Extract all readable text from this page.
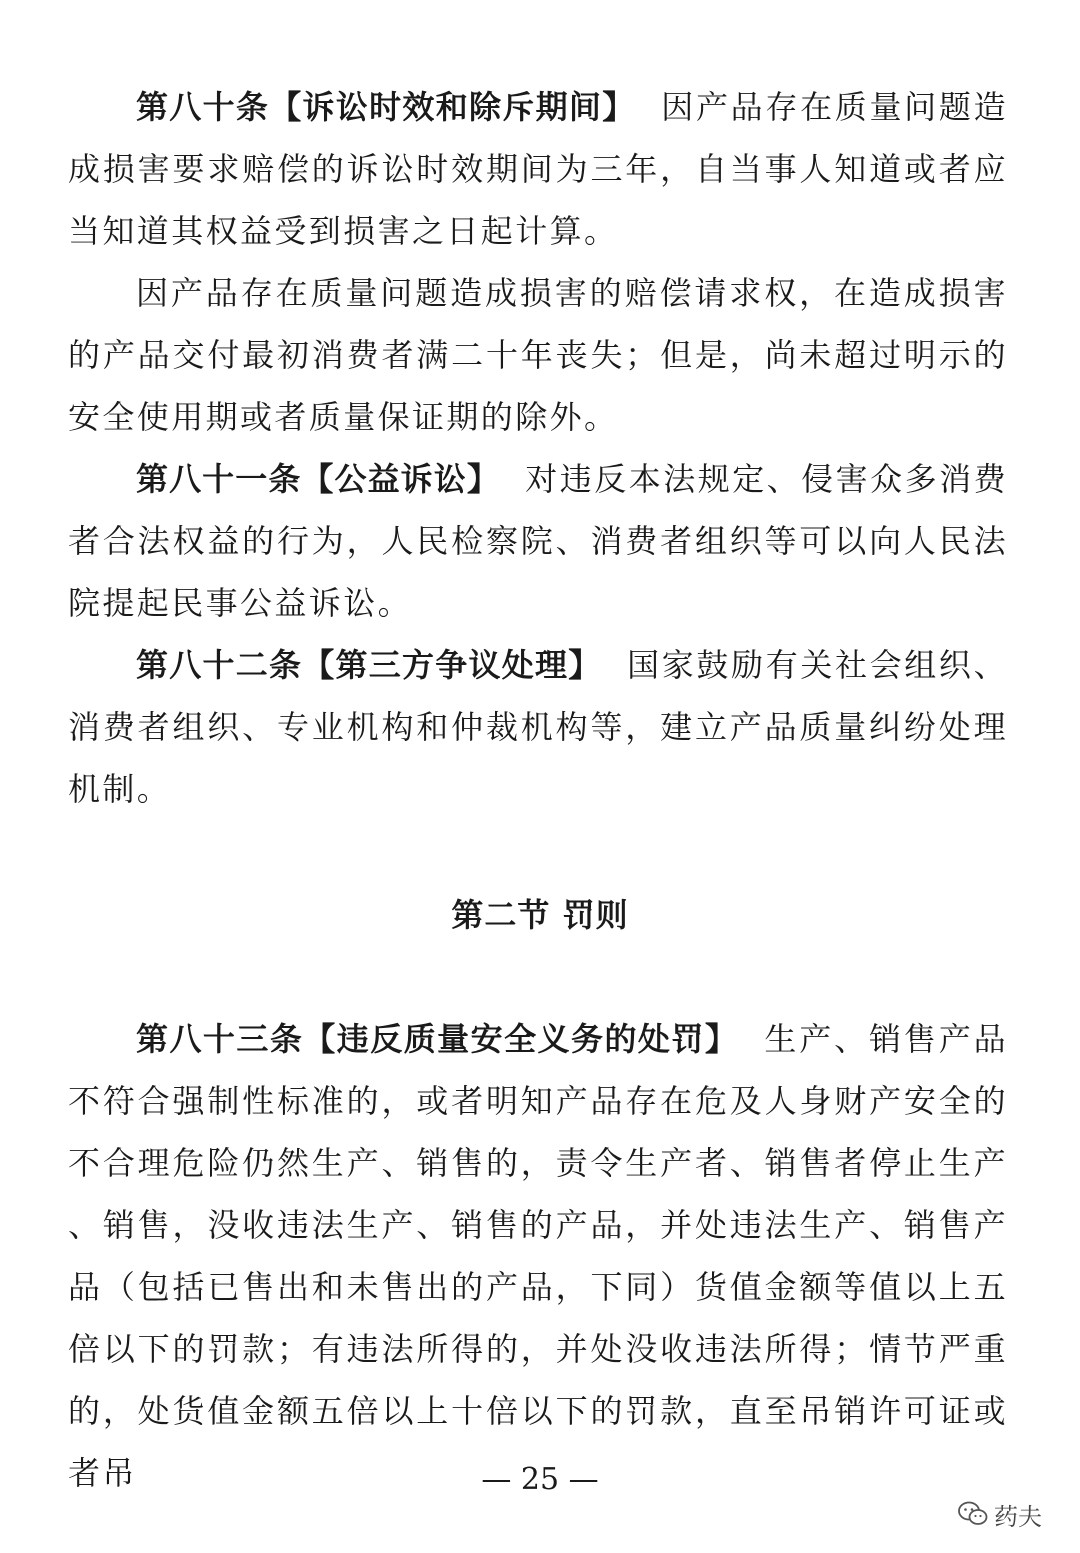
第八十条【诉讼时效和除斥期间】 因产品存在质量问题造成损害要求赔偿的诉讼时效期间为三年，自当事人知道或者应当知道其权益受到损害之日起计算。

因产品存在质量问题造成损害的赔偿请求权，在造成损害的产品交付最初消费者满二十年丧失；但是，尚未超过明示的安全使用期或者质量保证期的除外。

第八十一条【公益诉讼】 对违反本法规定、侵害众多消费者合法权益的行为，人民检察院、消费者组织等可以向人民法院提起民事公益诉讼。

第八十二条【第三方争议处理】 国家鼓励有关社会组织、消费者组织、专业机构和仲裁机构等，建立产品质量纠纷处理机制。

第二节 罚则

第八十三条【违反质量安全义务的处罚】 生产、销售产品不符合强制性标准的，或者明知产品存在危及人身财产安全的不合理危险仍然生产、销售的，责令生产者、销售者停止生产、销售，没收违法生产、销售的产品，并处违法生产、销售产品（包括已售出和未售出的产品，下同）货值金额等值以上五倍以下的罚款；有违法所得的，并处没收违法所得；情节严重的，处货值金额五倍以上十倍以下的罚款，直至吊销许可证或者吊	— 25 —
药夫
